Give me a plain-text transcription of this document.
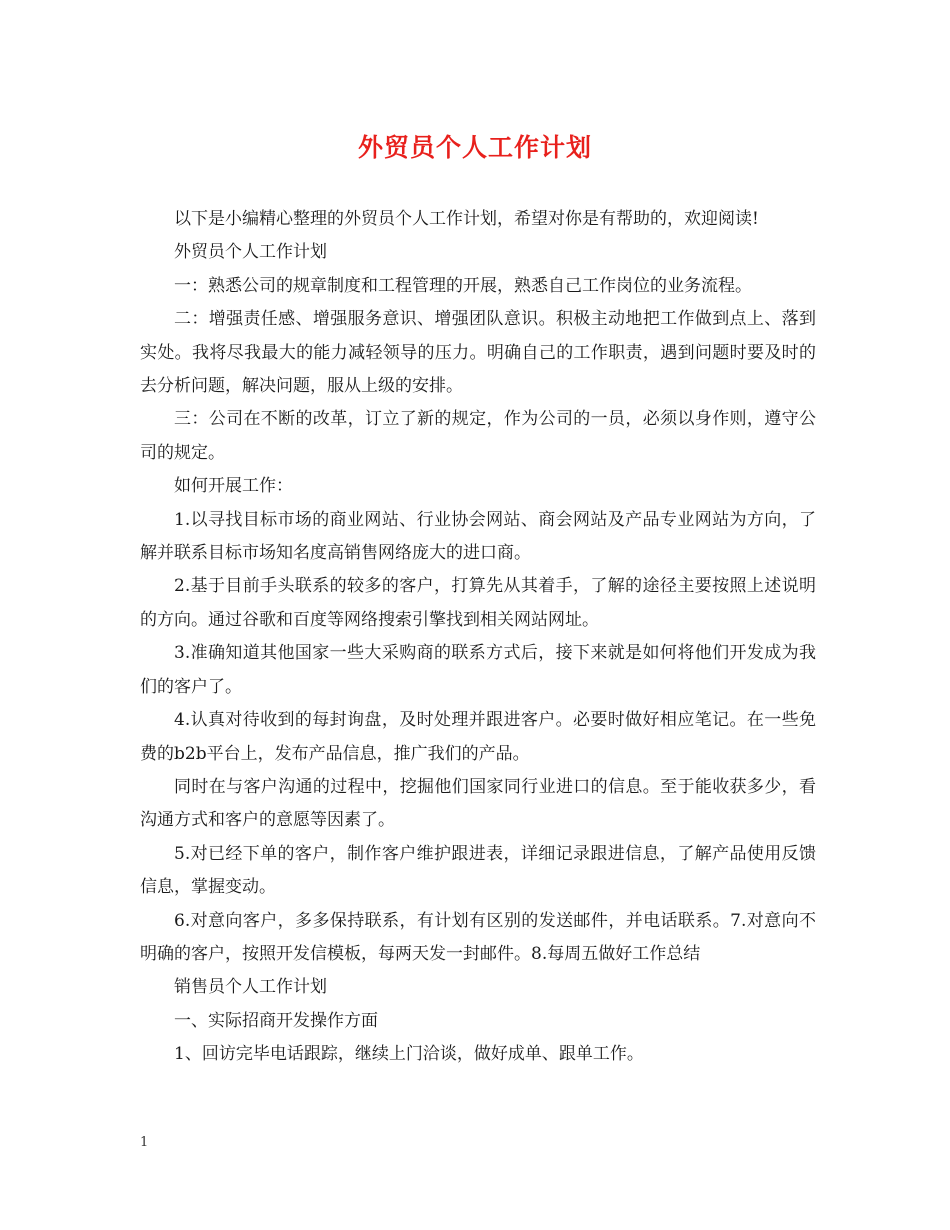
外贸员个人工作计划

以下是小编精心整理的外贸员个人工作计划，希望对你是有帮助的，欢迎阅读!

外贸员个人工作计划

一：熟悉公司的规章制度和工程管理的开展，熟悉自己工作岗位的业务流程。

二：增强责任感、增强服务意识、增强团队意识。积极主动地把工作做到点上、落到实处。我将尽我最大的能力减轻领导的压力。明确自己的工作职责，遇到问题时要及时的去分析问题，解决问题，服从上级的安排。

三：公司在不断的改革，订立了新的规定，作为公司的一员，必须以身作则，遵守公司的规定。

如何开展工作：

1.以寻找目标市场的商业网站、行业协会网站、商会网站及产品专业网站为方向，了解并联系目标市场知名度高销售网络庞大的进口商。

2.基于目前手头联系的较多的客户，打算先从其着手，了解的途径主要按照上述说明的方向。通过谷歌和百度等网络搜索引擎找到相关网站网址。

3.准确知道其他国家一些大采购商的联系方式后，接下来就是如何将他们开发成为我们的客户了。

4.认真对待收到的每封询盘，及时处理并跟进客户。必要时做好相应笔记。在一些免费的b2b平台上，发布产品信息，推广我们的产品。

同时在与客户沟通的过程中，挖掘他们国家同行业进口的信息。至于能收获多少，看沟通方式和客户的意愿等因素了。

5.对已经下单的客户，制作客户维护跟进表，详细记录跟进信息，了解产品使用反馈信息，掌握变动。

6.对意向客户，多多保持联系，有计划有区别的发送邮件，并电话联系。7.对意向不明确的客户，按照开发信模板，每两天发一封邮件。8.每周五做好工作总结

销售员个人工作计划

一、实际招商开发操作方面

1、回访完毕电话跟踪，继续上门洽谈，做好成单、跟单工作。

1
